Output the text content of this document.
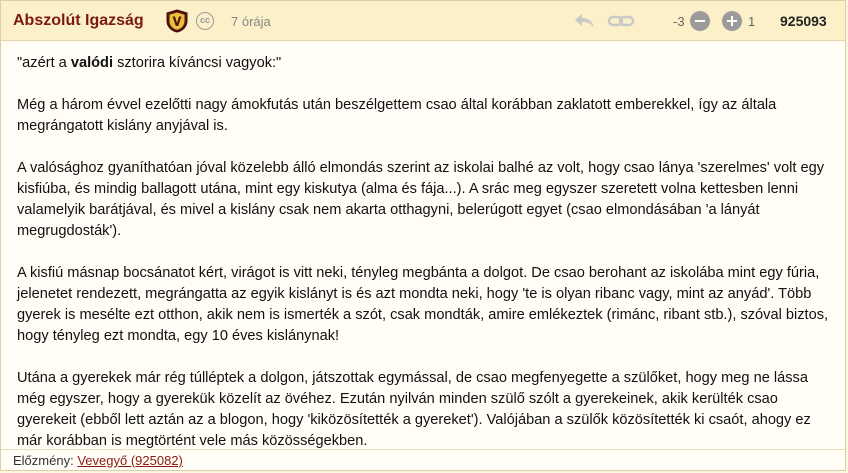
Abszolút Igazság	cc	7 órája	-3	1 925093

"azért a valódi sztorira kíváncsi vagyok:"

Még a három évvel ezelőtti nagy ámokfutás után beszélgettem csao által korábban zaklatott emberekkel, így az általa megrángatott kislány anyjával is.

A valósághoz gyaníthatóan jóval közelebb álló elmondás szerint az iskolai balhé az volt, hogy csao lánya 'szerelmes' volt egy kisfiúba, és mindig ballagott utána, mint egy kiskutya (alma és fája...). A srác meg egyszer szeretett volna kettesben lenni valamelyik barátjával, és mivel a kislány csak nem akarta otthagyni, belerúgott egyet (csao elmondásában 'a lányát megrugdosták').

A kisfiú másnap bocsánatot kért, virágot is vitt neki, tényleg megbánta a dolgot. De csao berohant az iskolába mint egy fúria, jelenetet rendezett, megrángatta az egyik kislányt is és azt mondta neki, hogy 'te is olyan ribanc vagy, mint az anyád'. Több gyerek is mesélte ezt otthon, akik nem is ismerték a szót, csak mondták, amire emlékeztek (rimánc, ribant stb.), szóval biztos, hogy tényleg ezt mondta, egy 10 éves kislánynak!

Utána a gyerekek már rég túlléptek a dolgon, játszottak egymással, de csao megfenyegette a szülőket, hogy meg ne lássa még egyszer, hogy a gyerekük közelít az övéhez. Ezután nyilván minden szülő szólt a gyerekeinek, akik kerülték csao gyerekeit (ebből lett aztán az a blogon, hogy 'kiközösítették a gyereket'). Valójában a szülők közösítették ki csaót, ahogy ez már korábban is megtörtént vele más közösségekben.

Előzmény: Vevegyő (925082)
